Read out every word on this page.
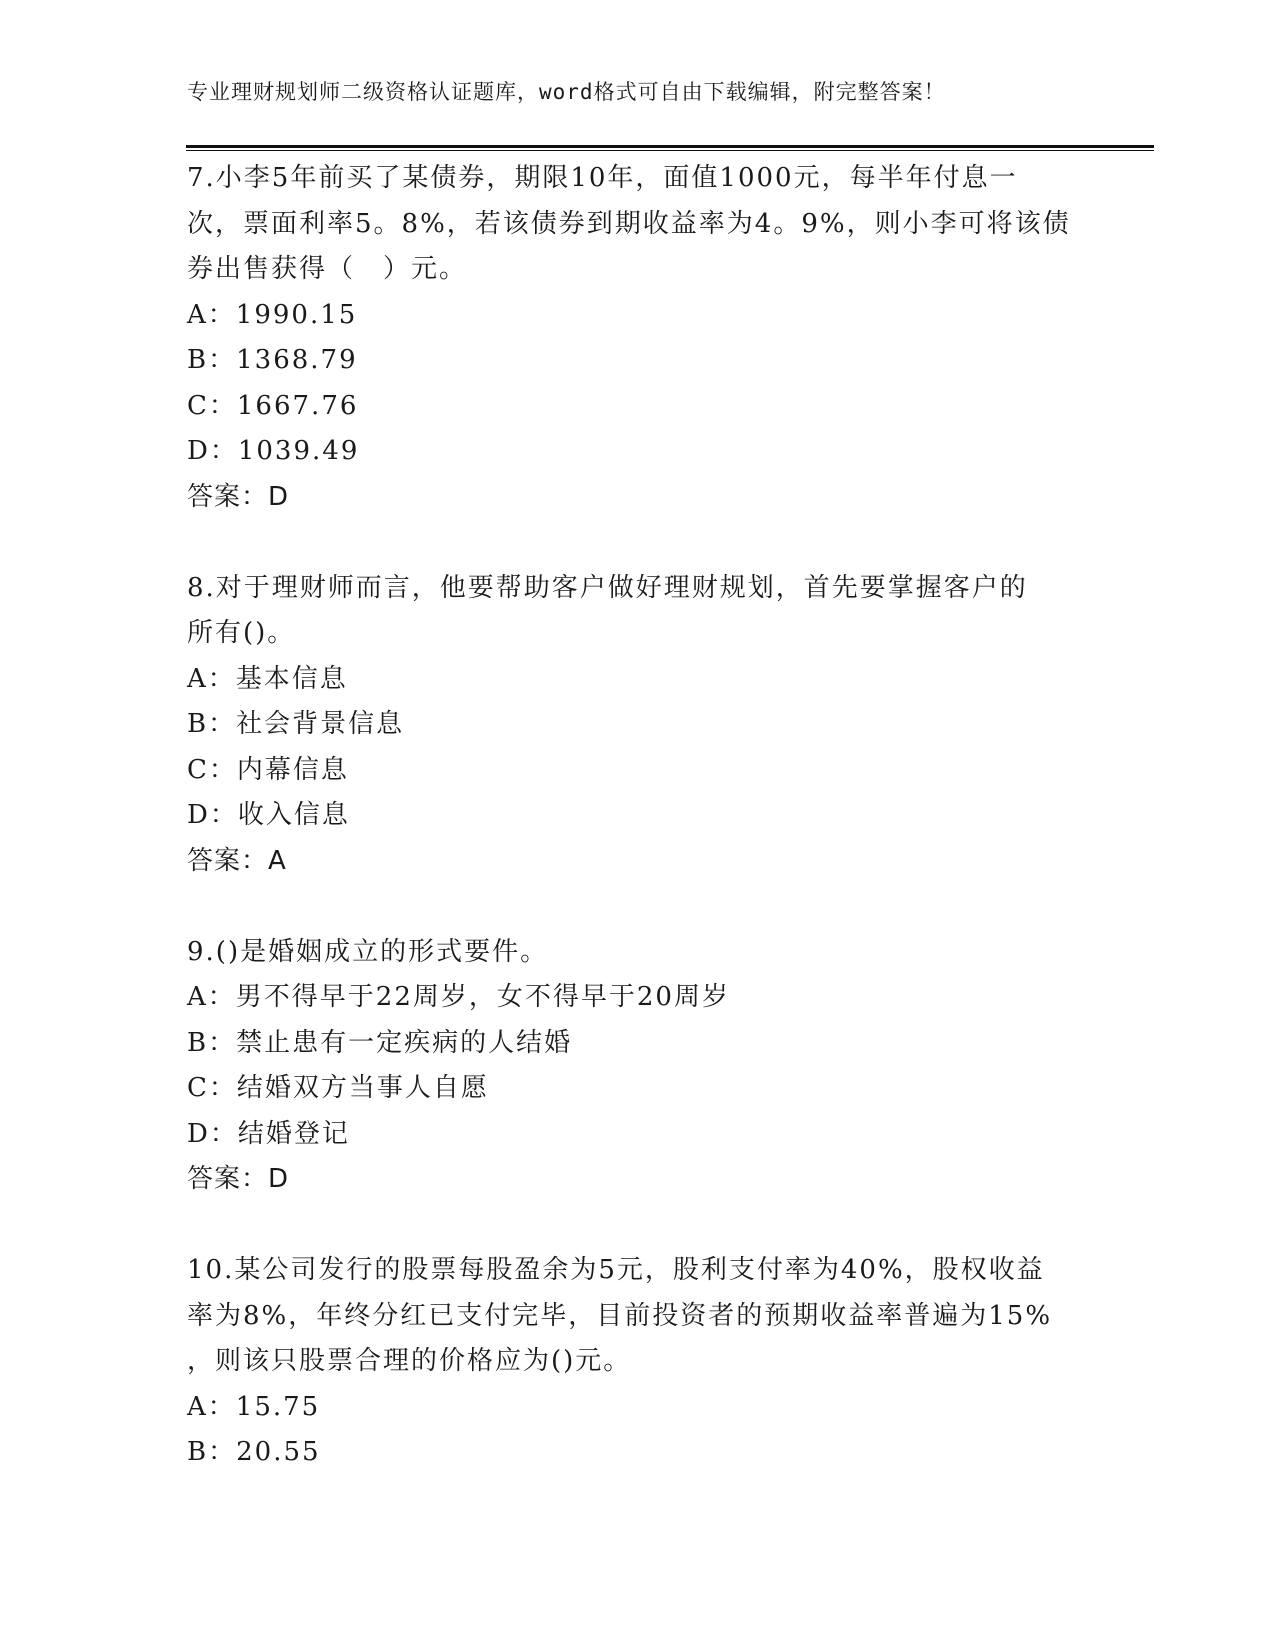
专业理财规划师二级资格认证题库，word格式可自由下载编辑，附完整答案！
7.小李5年前买了某债券，期限10年，面值1000元，每半年付息一
次，票面利率5。8%，若该债券到期收益率为4。9%，则小李可将该债
券出售获得（　）元。
A：1990.15
B：1368.79
C：1667.76
D：1039.49
答案：D
8.对于理财师而言，他要帮助客户做好理财规划，首先要掌握客户的
所有()。
A：基本信息
B：社会背景信息
C：内幕信息
D：收入信息
答案：A
9.()是婚姻成立的形式要件。
A：男不得早于22周岁，女不得早于20周岁
B：禁止患有一定疾病的人结婚
C：结婚双方当事人自愿
D：结婚登记
答案：D
10.某公司发行的股票每股盈余为5元，股利支付率为40%，股权收益
率为8%，年终分红已支付完毕，目前投资者的预期收益率普遍为15%
，则该只股票合理的价格应为()元。
A：15.75
B：20.55
